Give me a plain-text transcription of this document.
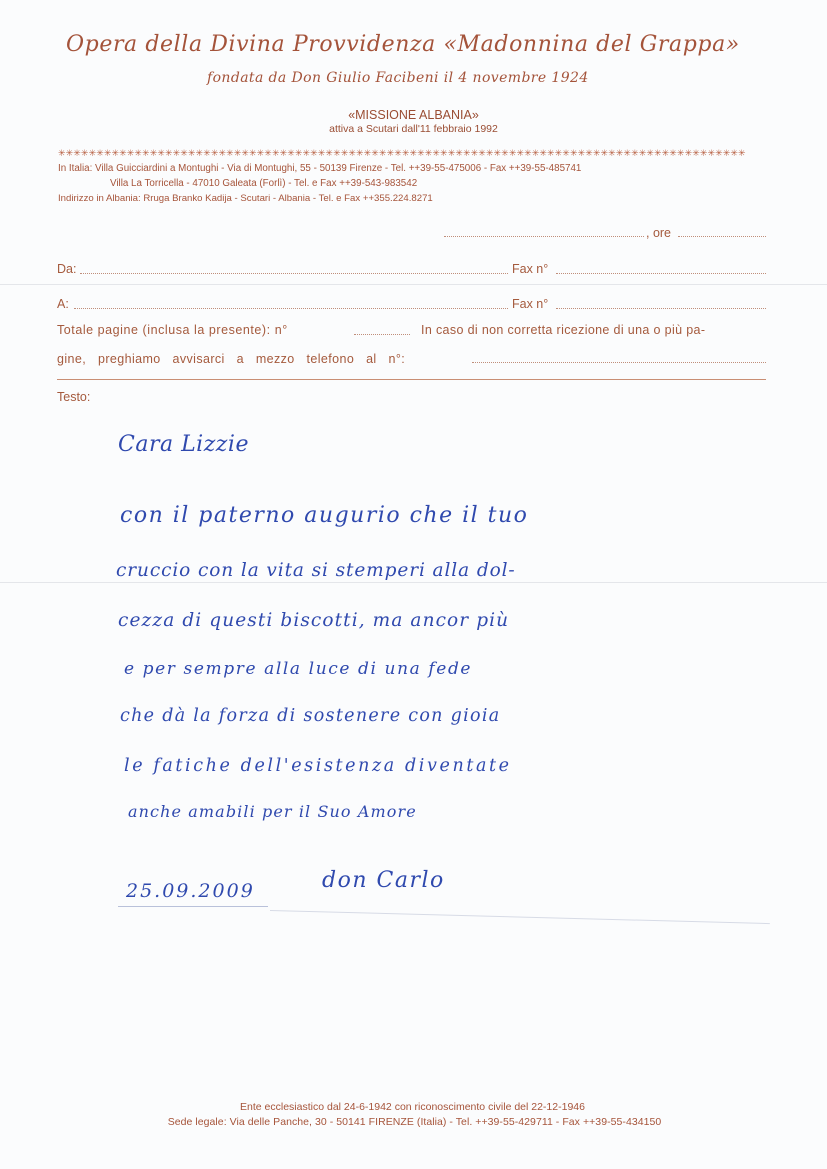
Opera della Divina Provvidenza «Madonnina del Grappa»
fondata da Don Giulio Facibeni il 4 novembre 1924
«MISSIONE ALBANIA»
attiva a Scutari dall'11 febbraio 1992
✳✳✳✳✳✳✳✳✳✳✳✳✳✳✳✳✳✳✳✳✳✳✳✳✳✳✳✳✳✳✳✳✳✳✳✳✳✳✳✳✳✳✳✳✳✳✳✳✳✳✳✳✳✳✳✳✳✳✳✳✳✳✳✳✳✳✳✳✳✳✳✳✳✳✳✳✳✳✳✳✳✳✳✳✳✳✳✳✳✳
In Italia: Villa Guicciardini a Montughi - Via di Montughi, 55 - 50139 Firenze - Tel. ++39-55-475006 - Fax ++39-55-485741
Villa La Torricella - 47010 Galeata (Forlì) - Tel. e Fax ++39-543-983542
Indirizzo in Albania: Rruga Branko Kadija - Scutari - Albania - Tel. e Fax ++355.224.8271
, ore
Da:	Fax n°
A:	Fax n°
Totale pagine (inclusa la presente): n°	In caso di non corretta ricezione di una o più pa-
gine, preghiamo avvisarci a mezzo telefono al n°:
Testo:
Cara Lizzie
con il paterno augurio che il tuo
cruccio con la vita si stemperi alla dol-
cezza di questi biscotti, ma ancor più
e per sempre alla luce di una fede
che dà la forza di sostenere con gioia
le fatiche dell'esistenza diventate
anche amabili per il Suo Amore
25.09.2009	don Carlo
Ente ecclesiastico dal 24-6-1942 con riconoscimento civile del 22-12-1946
Sede legale: Via delle Panche, 30 - 50141 FIRENZE (Italia) - Tel. ++39-55-429711 - Fax ++39-55-434150
